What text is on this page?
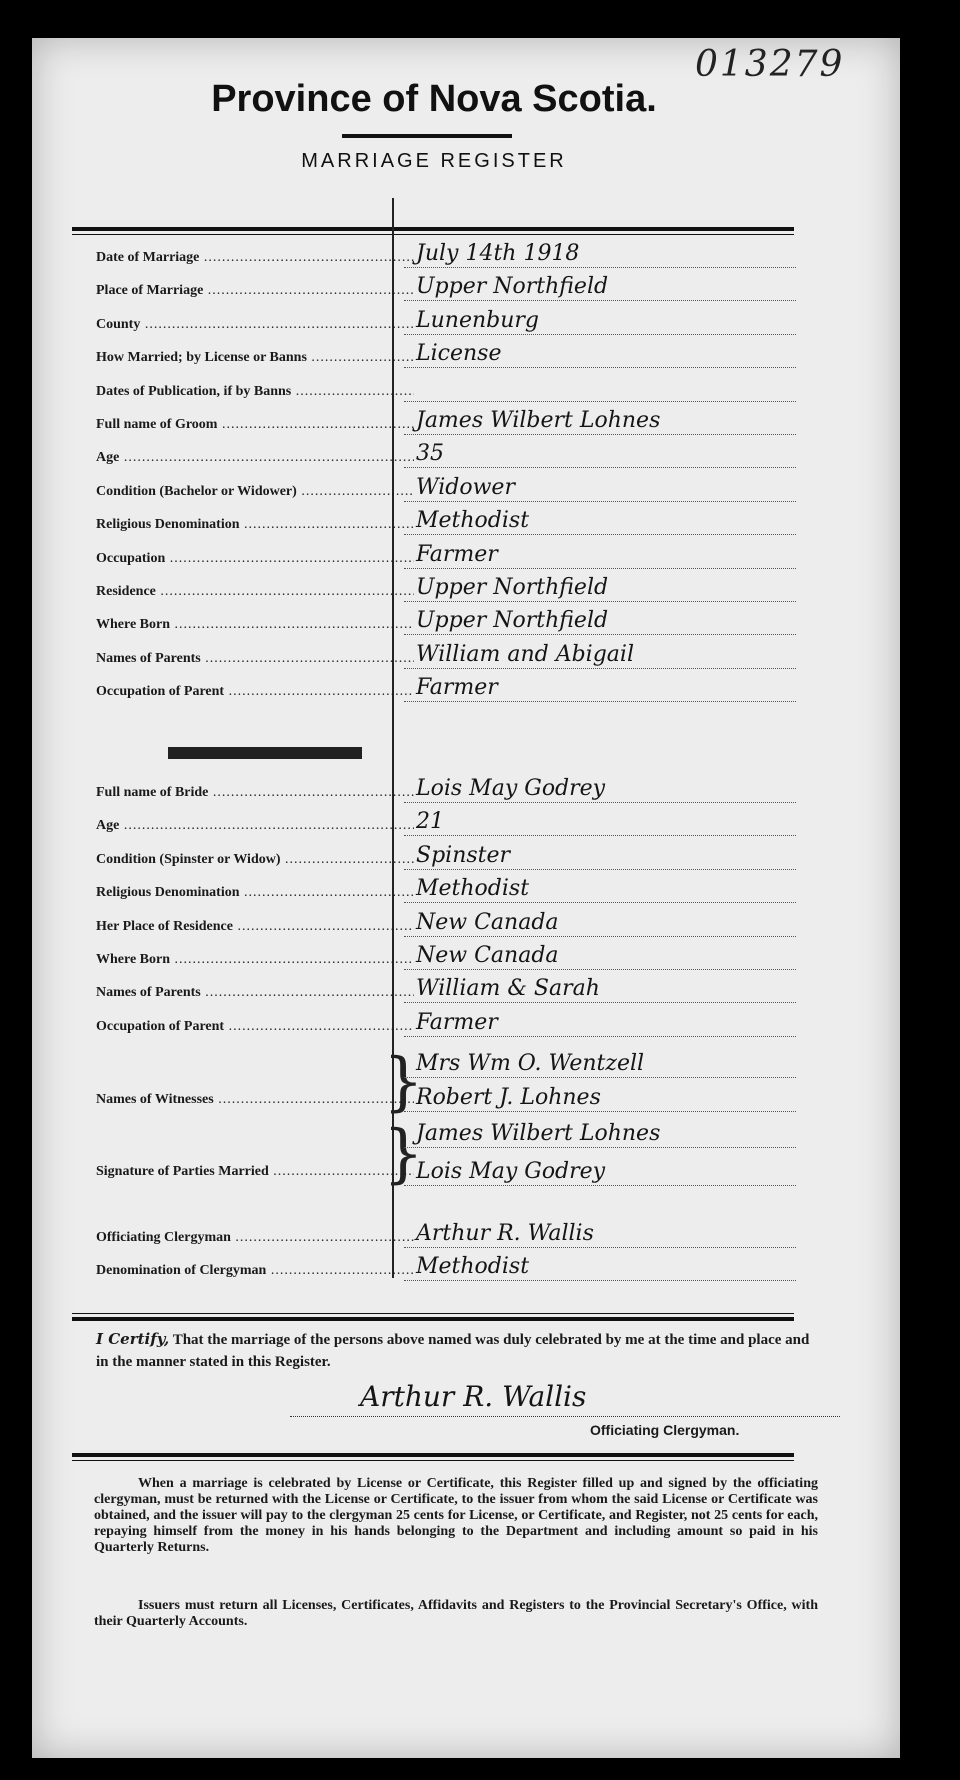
013279
Province of Nova Scotia.
MARRIAGE REGISTER
Date of Marriage .....	July 14th 1918
Place of Marriage .....	Upper Northfield
County .....	Lunenburg
How Married; by License or Banns .....	License
Dates of Publication, if by Banns .....
Full name of Groom .....	James Wilbert Lohnes
Age .....	35
Condition (Bachelor or Widower) .....	Widower
Religious Denomination .....	Methodist
Occupation .....	Farmer
Residence .....	Upper Northfield
Where Born .....	Upper Northfield
Names of Parents .....	William and Abigail
Occupation of Parent .....	Farmer
Full name of Bride .....	Lois May Godrey
Age .....	21
Condition (Spinster or Widow) .....	Spinster
Religious Denomination .....	Methodist
Her Place of Residence .....	New Canada
Where Born .....	New Canada
Names of Parents .....	William & Sarah
Occupation of Parent .....	Farmer
Names of Witnesses .....	}
Mrs Wm O. Wentzell
Robert J. Lohnes
Signature of Parties Married .....	}
James Wilbert Lohnes
Lois May Godrey
Officiating Clergyman .....	Arthur R. Wallis
Denomination of Clergyman .....	Methodist
I Certify, That the marriage of the persons above named was duly celebrated by me at the time and place and in the manner stated in this Register.
Arthur R. Wallis
Officiating Clergyman.
When a marriage is celebrated by License or Certificate, this Register filled up and signed by the officiating clergyman, must be returned with the License or Certificate, to the issuer from whom the said License or Certificate was obtained, and the issuer will pay to the clergyman 25 cents for License, or Certificate, and Register, not 25 cents for each, repaying himself from the money in his hands belonging to the Department and including amount so paid in his Quarterly Returns.
Issuers must return all Licenses, Certificates, Affidavits and Registers to the Provincial Secretary's Office, with their Quarterly Accounts.
